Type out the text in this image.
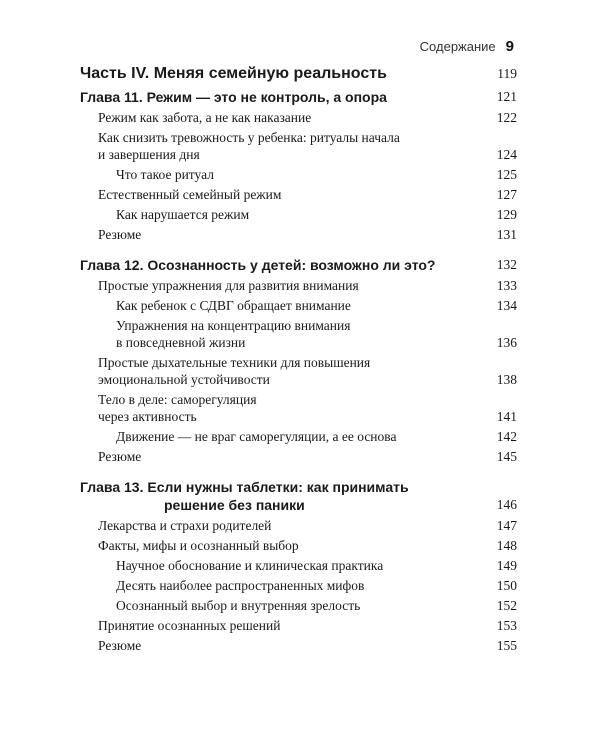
Содержание 9
Часть IV. Меняя семейную реальность	119
Глава 11. Режим — это не контроль, а опора	121
Режим как забота, а не как наказание	122
Как снизить тревожность у ребенка: ритуалы начала
и завершения дня	124
Что такое ритуал	125
Естественный семейный режим	127
Как нарушается режим	129
Резюме	131
Глава 12. Осознанность у детей: возможно ли это?	132
Простые упражнения для развития внимания	133
Как ребенок с СДВГ обращает внимание	134
Упражнения на концентрацию внимания
в повседневной жизни	136
Простые дыхательные техники для повышения
эмоциональной устойчивости	138
Тело в деле: саморегуляция
через активность	141
Движение — не враг саморегуляции, а ее основа	142
Резюме	145
Глава 13. Если нужны таблетки: как принимать
решение без паники	146
Лекарства и страхи родителей	147
Факты, мифы и осознанный выбор	148
Научное обоснование и клиническая практика	149
Десять наиболее распространенных мифов	150
Осознанный выбор и внутренняя зрелость	152
Принятие осознанных решений	153
Резюме	155
